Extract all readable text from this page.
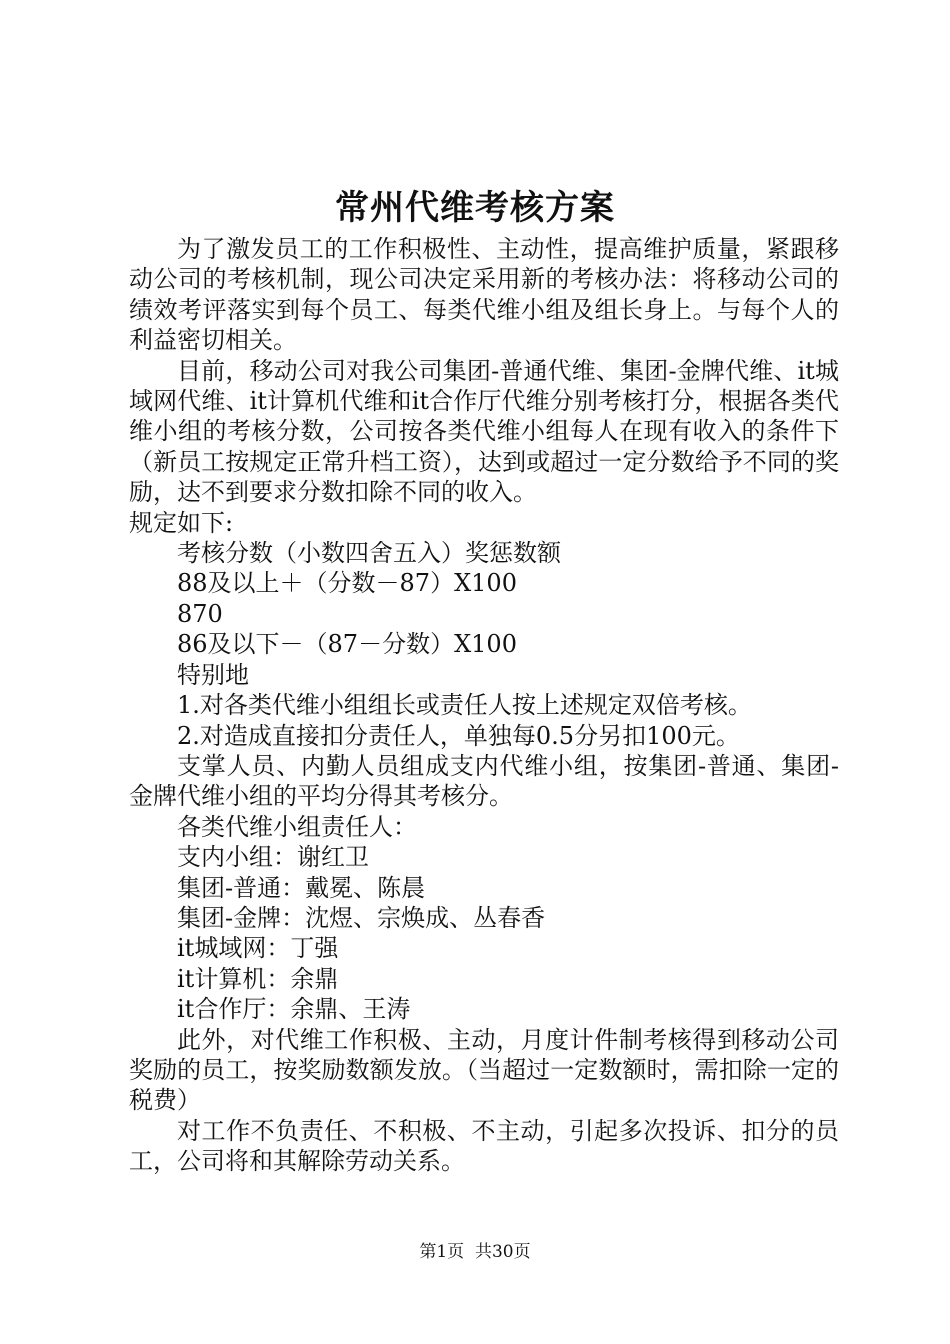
常州代维考核方案

为了激发员工的工作积极性、主动性，提高维护质量，紧跟移动公司的考核机制，现公司决定采用新的考核办法：将移动公司的绩效考评落实到每个员工、每类代维小组及组长身上。与每个人的利益密切相关。

目前，移动公司对我公司集团-普通代维、集团-金牌代维、it城域网代维、it计算机代维和it合作厅代维分别考核打分，根据各类代维小组的考核分数，公司按各类代维小组每人在现有收入的条件下（新员工按规定正常升档工资），达到或超过一定分数给予不同的奖励，达不到要求分数扣除不同的收入。

规定如下:

考核分数（小数四舍五入）奖惩数额

88及以上＋（分数－87）X100

870

86及以下－（87－分数）X100

特别地

1.对各类代维小组组长或责任人按上述规定双倍考核。

2.对造成直接扣分责任人，单独每0.5分另扣100元。

支掌人员、内勤人员组成支内代维小组，按集团-普通、集团-金牌代维小组的平均分得其考核分。

各类代维小组责任人：

支内小组：谢红卫

集团-普通：戴冕、陈晨

集团-金牌：沈煜、宗焕成、丛春香

it城域网：丁强

it计算机：余鼎

it合作厅：余鼎、王涛

此外，对代维工作积极、主动，月度计件制考核得到移动公司奖励的员工，按奖励数额发放。（当超过一定数额时，需扣除一定的税费）

对工作不负责任、不积极、不主动，引起多次投诉、扣分的员工，公司将和其解除劳动关系。

第1页  共30页
